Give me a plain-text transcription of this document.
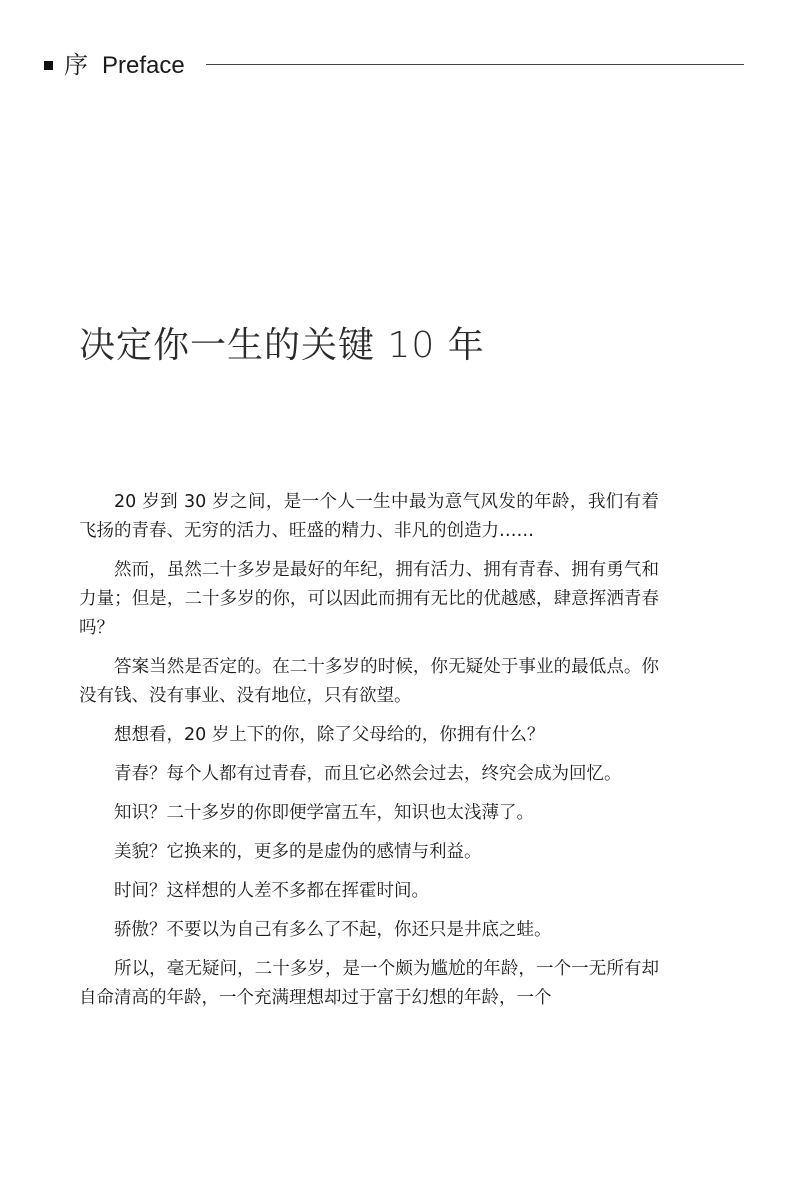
序 Preface
决定你一生的关键 10 年

20 岁到 30 岁之间，是一个人一生中最为意气风发的年龄，我们有着飞扬的青春、无穷的活力、旺盛的精力、非凡的创造力……

然而，虽然二十多岁是最好的年纪，拥有活力、拥有青春、拥有勇气和力量；但是，二十多岁的你，可以因此而拥有无比的优越感，肆意挥洒青春吗？

答案当然是否定的。在二十多岁的时候，你无疑处于事业的最低点。你没有钱、没有事业、没有地位，只有欲望。

想想看，20 岁上下的你，除了父母给的，你拥有什么？

青春？每个人都有过青春，而且它必然会过去，终究会成为回忆。

知识？二十多岁的你即便学富五车，知识也太浅薄了。

美貌？它换来的，更多的是虚伪的感情与利益。

时间？这样想的人差不多都在挥霍时间。

骄傲？不要以为自己有多么了不起，你还只是井底之蛙。

所以，毫无疑问，二十多岁，是一个颇为尴尬的年龄，一个一无所有却自命清高的年龄，一个充满理想却过于富于幻想的年龄，一个
